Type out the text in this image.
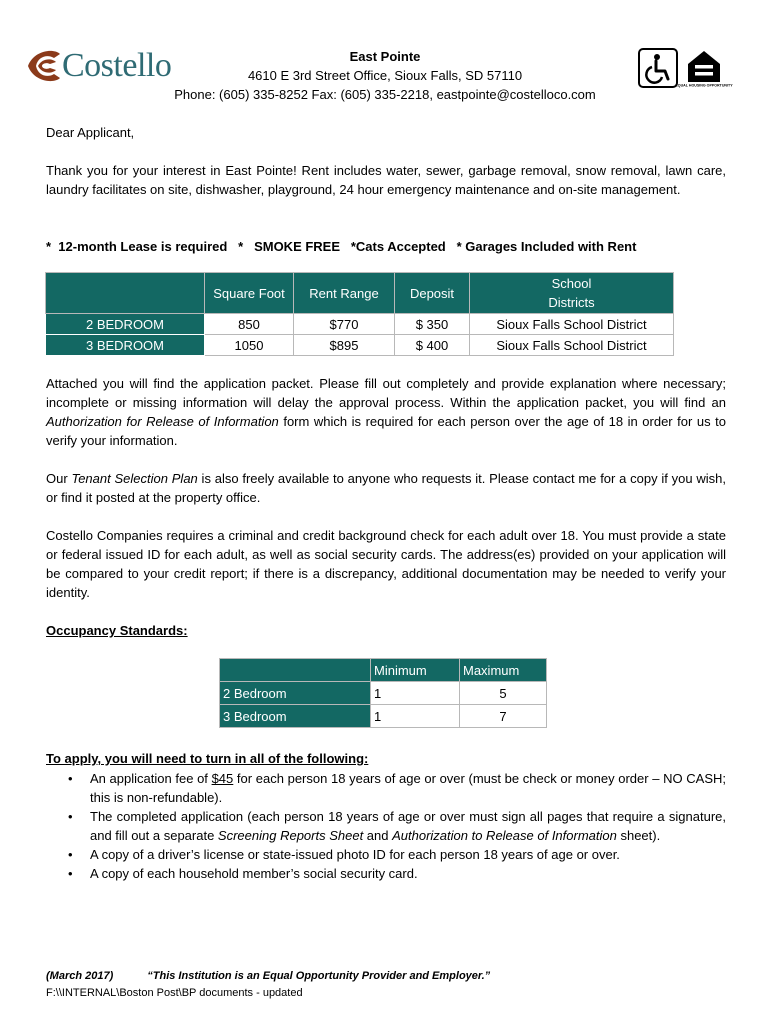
Costello	East Pointe
4610 E 3rd Street Office, Sioux Falls, SD 57110
Phone: (605) 335-8252 Fax: (605) 335-2218, eastpointe@costelloco.com
EQUAL HOUSING OPPORTUNITY
Dear Applicant,
Thank you for your interest in East Pointe! Rent includes water, sewer, garbage removal, snow removal, lawn care, laundry facilitates on site, dishwasher, playground, 24 hour emergency maintenance and on-site management.
*  12-month Lease is required   *   SMOKE FREE   *Cats Accepted   * Garages Included with Rent
	Square Foot	Rent Range	Deposit	School Districts
2 BEDROOM	850	$770	$ 350	Sioux Falls School District
3 BEDROOM	1050	$895	$ 400	Sioux Falls School District
Attached you will find the application packet. Please fill out completely and provide explanation where necessary; incomplete or missing information will delay the approval process. Within the application packet, you will find an Authorization for Release of Information form which is required for each person over the age of 18 in order for us to verify your information.
Our Tenant Selection Plan is also freely available to anyone who requests it. Please contact me for a copy if you wish, or find it posted at the property office.
Costello Companies requires a criminal and credit background check for each adult over 18. You must provide a state or federal issued ID for each adult, as well as social security cards. The address(es) provided on your application will be compared to your credit report; if there is a discrepancy, additional documentation may be needed to verify your identity.
Occupancy Standards:
	Minimum	Maximum
2 Bedroom	1	5
3 Bedroom	1	7
To apply, you will need to turn in all of the following:
• An application fee of $45 for each person 18 years of age or over (must be check or money order – NO CASH; this is non-refundable).
• The completed application (each person 18 years of age or over must sign all pages that require a signature, and fill out a separate Screening Reports Sheet and Authorization to Release of Information sheet).
• A copy of a driver’s license or state-issued photo ID for each person 18 years of age or over.
• A copy of each household member’s social security card.
(March 2017)	“This Institution is an Equal Opportunity Provider and Employer.”
F:\\INTERNAL\Boston Post\BP documents - updated
